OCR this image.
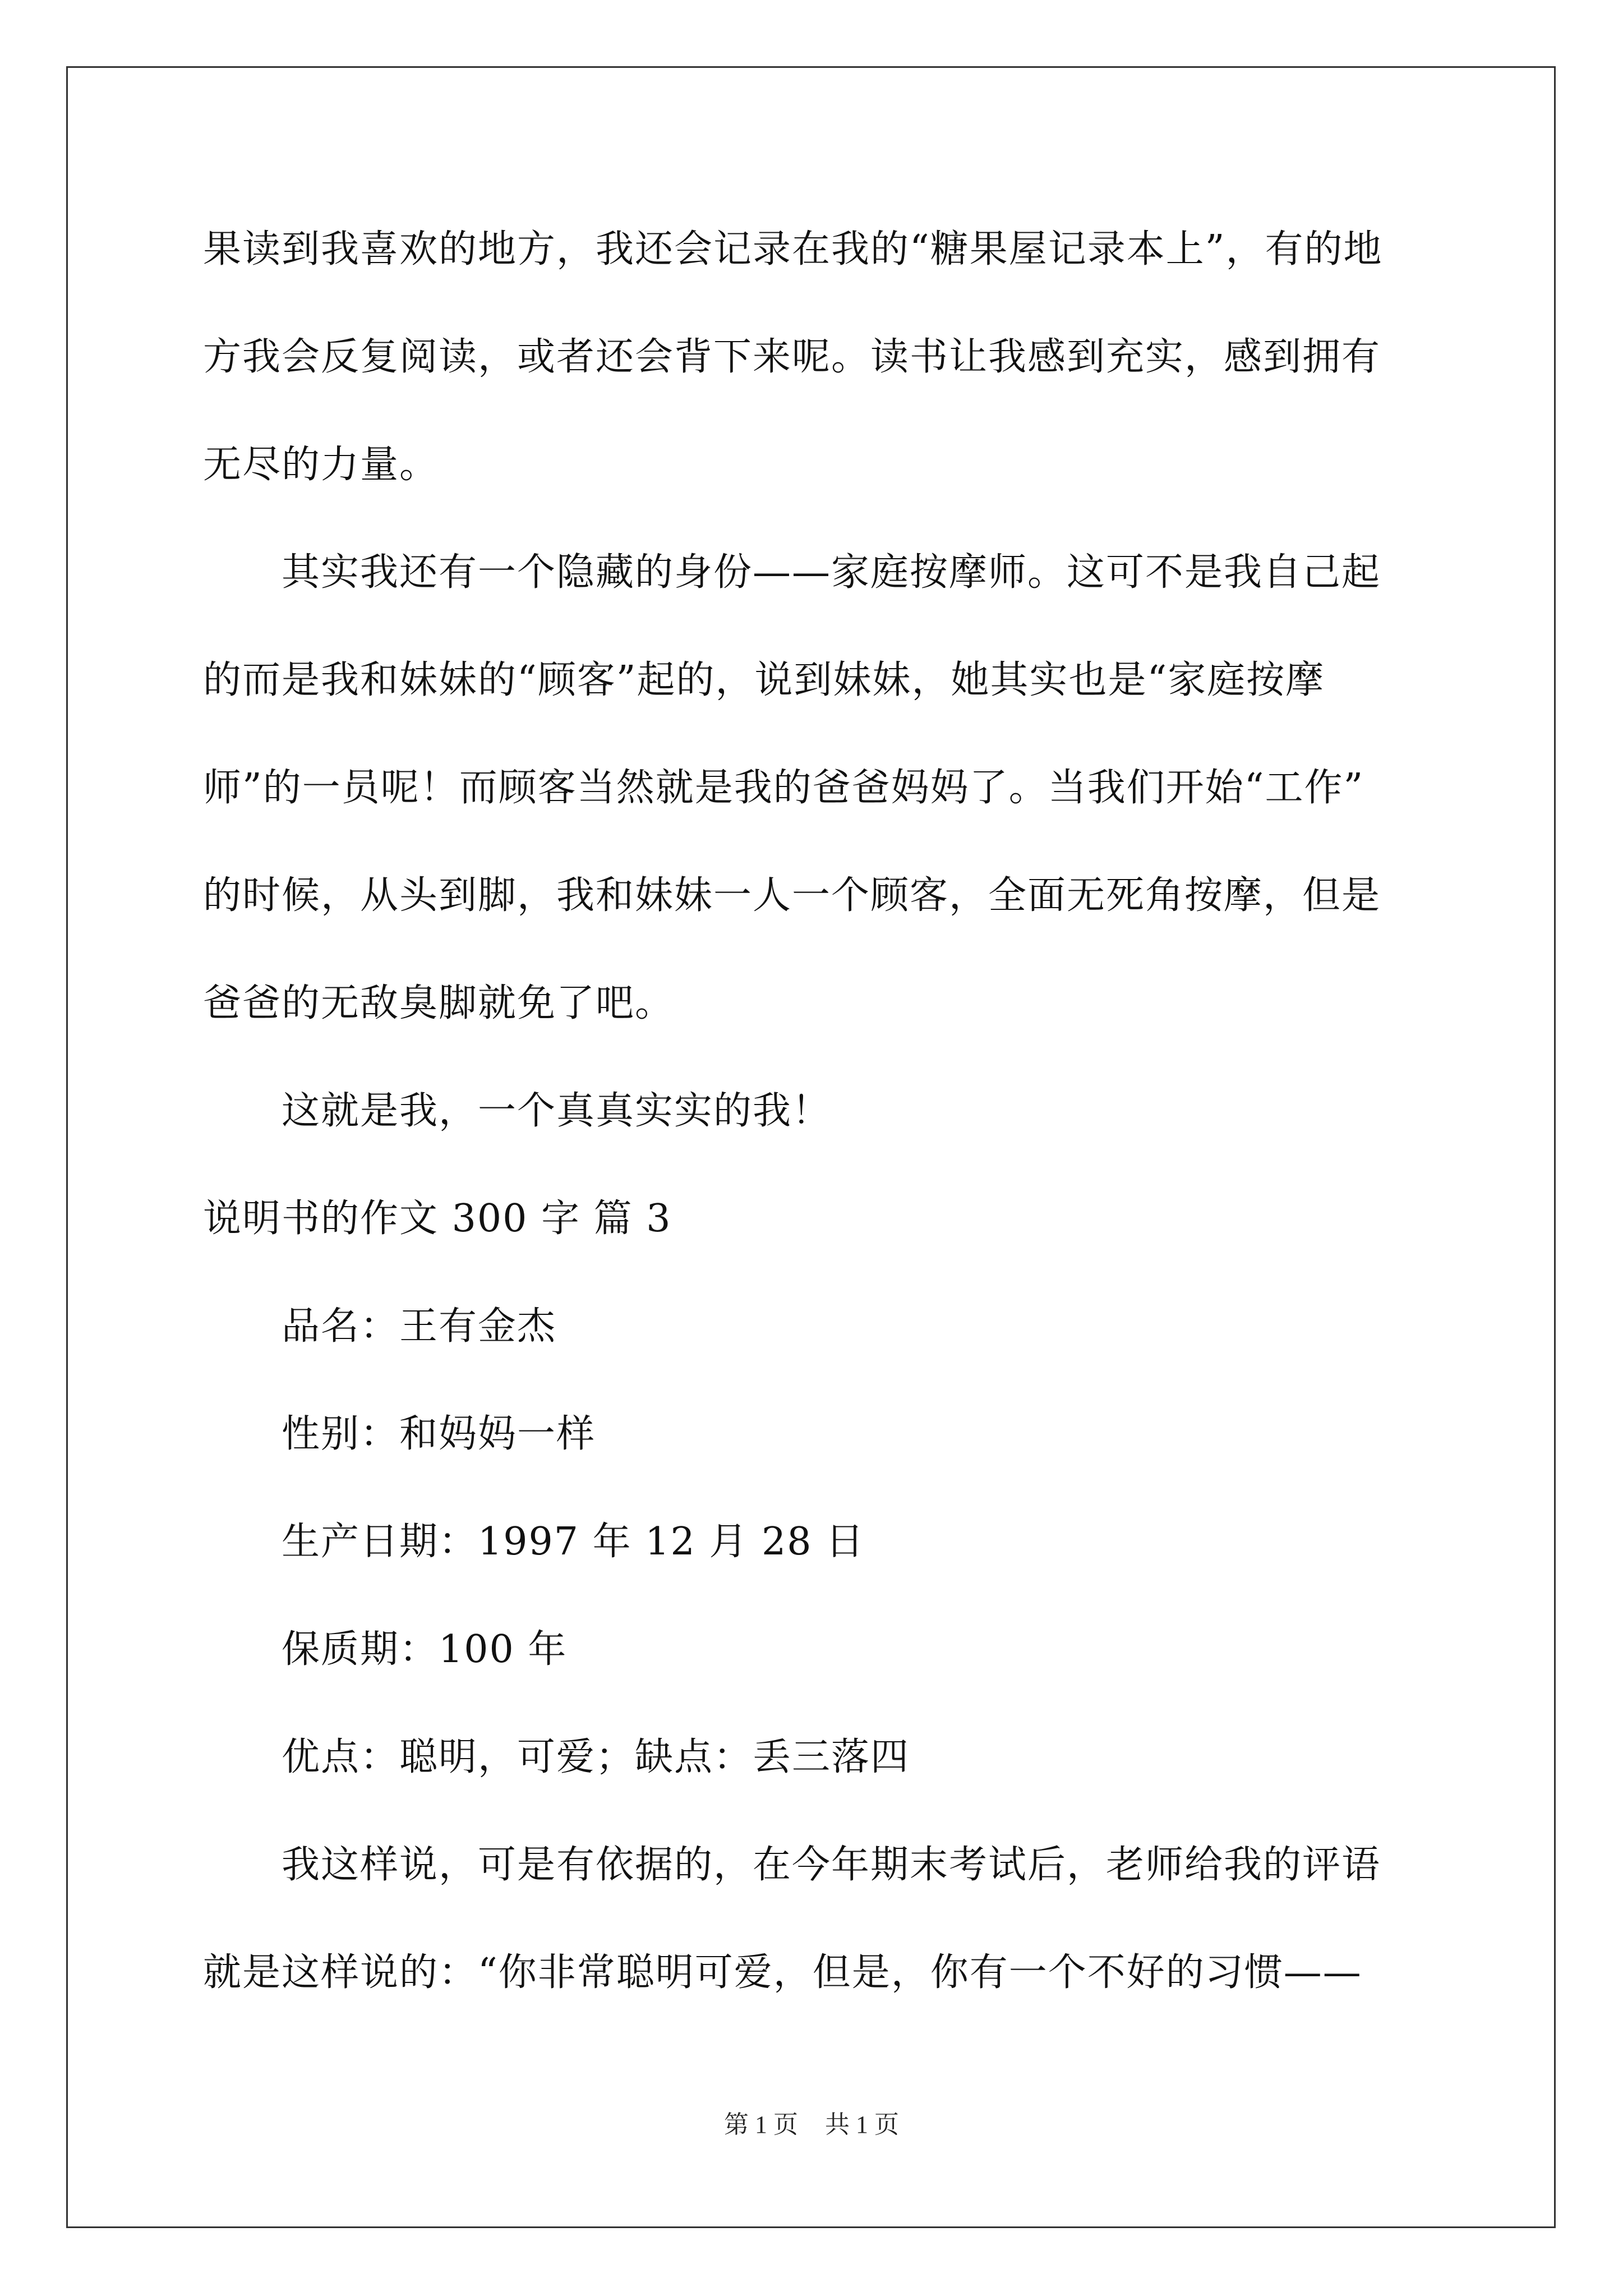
果读到我喜欢的地方，我还会记录在我的“糖果屋记录本上”，有的地
方我会反复阅读，或者还会背下来呢。读书让我感到充实，感到拥有
无尽的力量。
其实我还有一个隐藏的身份——家庭按摩师。这可不是我自己起
的而是我和妹妹的“顾客”起的，说到妹妹，她其实也是“家庭按摩
师”的一员呢！而顾客当然就是我的爸爸妈妈了。当我们开始“工作”
的时候，从头到脚，我和妹妹一人一个顾客，全面无死角按摩，但是
爸爸的无敌臭脚就免了吧。
这就是我，一个真真实实的我！
说明书的作文 300 字 篇 3
品名：王有金杰
性别：和妈妈一样
生产日期：1997 年 12 月 28 日
保质期：100 年
优点：聪明，可爱；缺点：丢三落四
我这样说，可是有依据的，在今年期末考试后，老师给我的评语
就是这样说的：“你非常聪明可爱，但是，你有一个不好的习惯——
第 1 页 共 1 页
